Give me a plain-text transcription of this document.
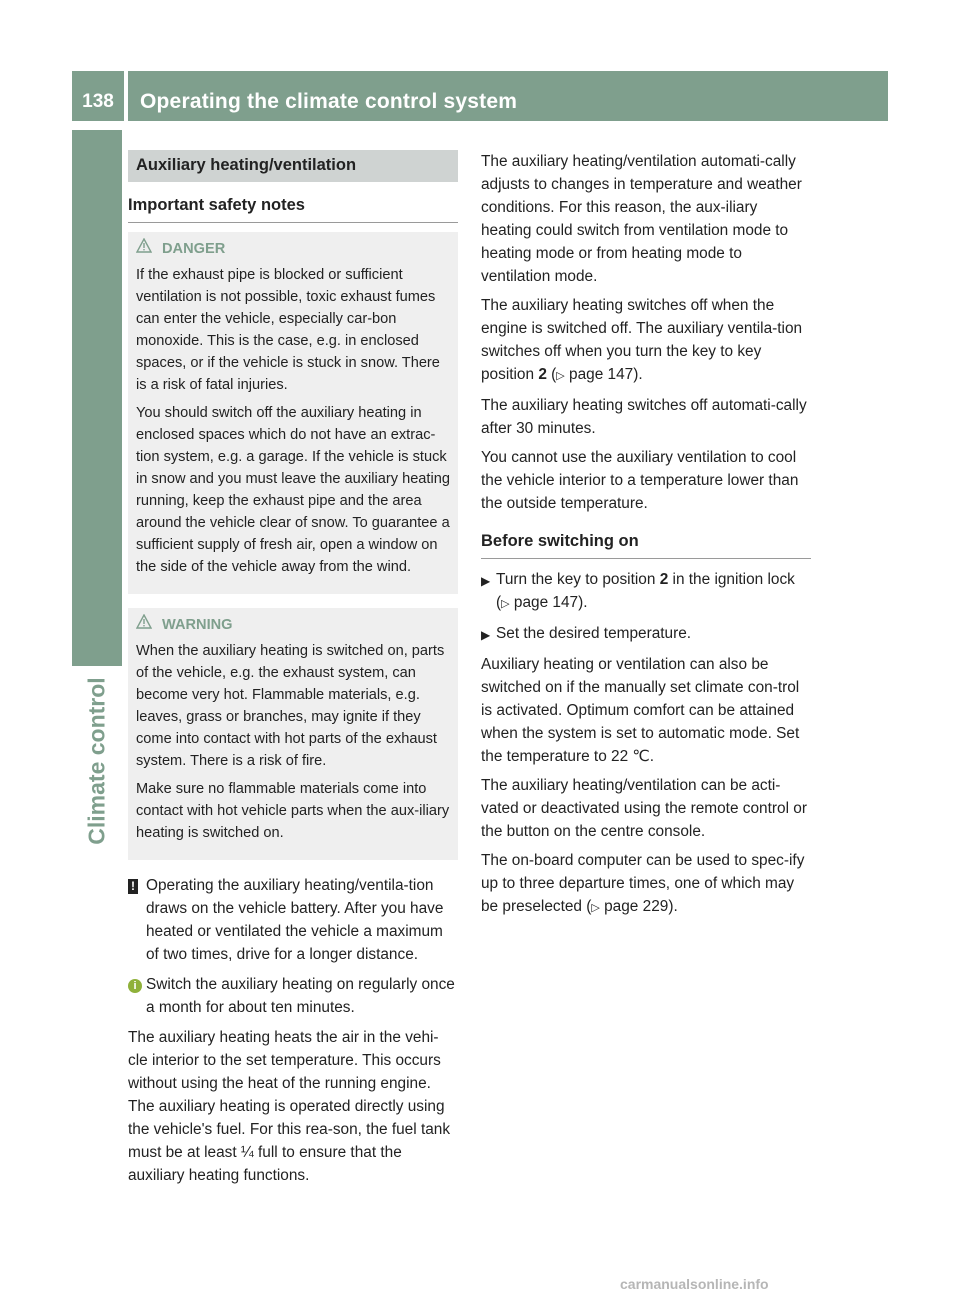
138	Operating the climate control system
Climate control
Auxiliary heating/ventilation
Important safety notes
DANGER

If the exhaust pipe is blocked or sufficient ventilation is not possible, toxic exhaust fumes can enter the vehicle, especially car-bon monoxide. This is the case, e.g. in enclosed spaces, or if the vehicle is stuck in snow. There is a risk of fatal injuries.

You should switch off the auxiliary heating in enclosed spaces which do not have an extrac-tion system, e.g. a garage. If the vehicle is stuck in snow and you must leave the auxiliary heating running, keep the exhaust pipe and the area around the vehicle clear of snow. To guarantee a sufficient supply of fresh air, open a window on the side of the vehicle away from the wind.

WARNING

When the auxiliary heating is switched on, parts of the vehicle, e.g. the exhaust system, can become very hot. Flammable materials, e.g. leaves, grass or branches, may ignite if they come into contact with hot parts of the exhaust system. There is a risk of fire.

Make sure no flammable materials come into contact with hot vehicle parts when the aux-iliary heating is switched on.

! Operating the auxiliary heating/ventila-tion draws on the vehicle battery. After you have heated or ventilated the vehicle a maximum of two times, drive for a longer distance.
i Switch the auxiliary heating on regularly once a month for about ten minutes.

The auxiliary heating heats the air in the vehi-cle interior to the set temperature. This occurs without using the heat of the running engine. The auxiliary heating is operated directly using the vehicle's fuel. For this rea-son, the fuel tank must be at least ¼ full to ensure that the auxiliary heating functions.

The auxiliary heating/ventilation automati-cally adjusts to changes in temperature and weather conditions. For this reason, the aux-iliary heating could switch from ventilation mode to heating mode or from heating mode to ventilation mode.

The auxiliary heating switches off when the engine is switched off. The auxiliary ventila-tion switches off when you turn the key to key position 2 (▷ page 147).

The auxiliary heating switches off automati-cally after 30 minutes.

You cannot use the auxiliary ventilation to cool the vehicle interior to a temperature lower than the outside temperature.

Before switching on
▶ Turn the key to position 2 in the ignition lock (▷ page 147).
▶ Set the desired temperature.

Auxiliary heating or ventilation can also be switched on if the manually set climate con-trol is activated. Optimum comfort can be attained when the system is set to automatic mode. Set the temperature to 22 ℃.

The auxiliary heating/ventilation can be acti-vated or deactivated using the remote control or the button on the centre console.

The on-board computer can be used to spec-ify up to three departure times, one of which may be preselected (▷ page 229).

carmanualsonline.info
